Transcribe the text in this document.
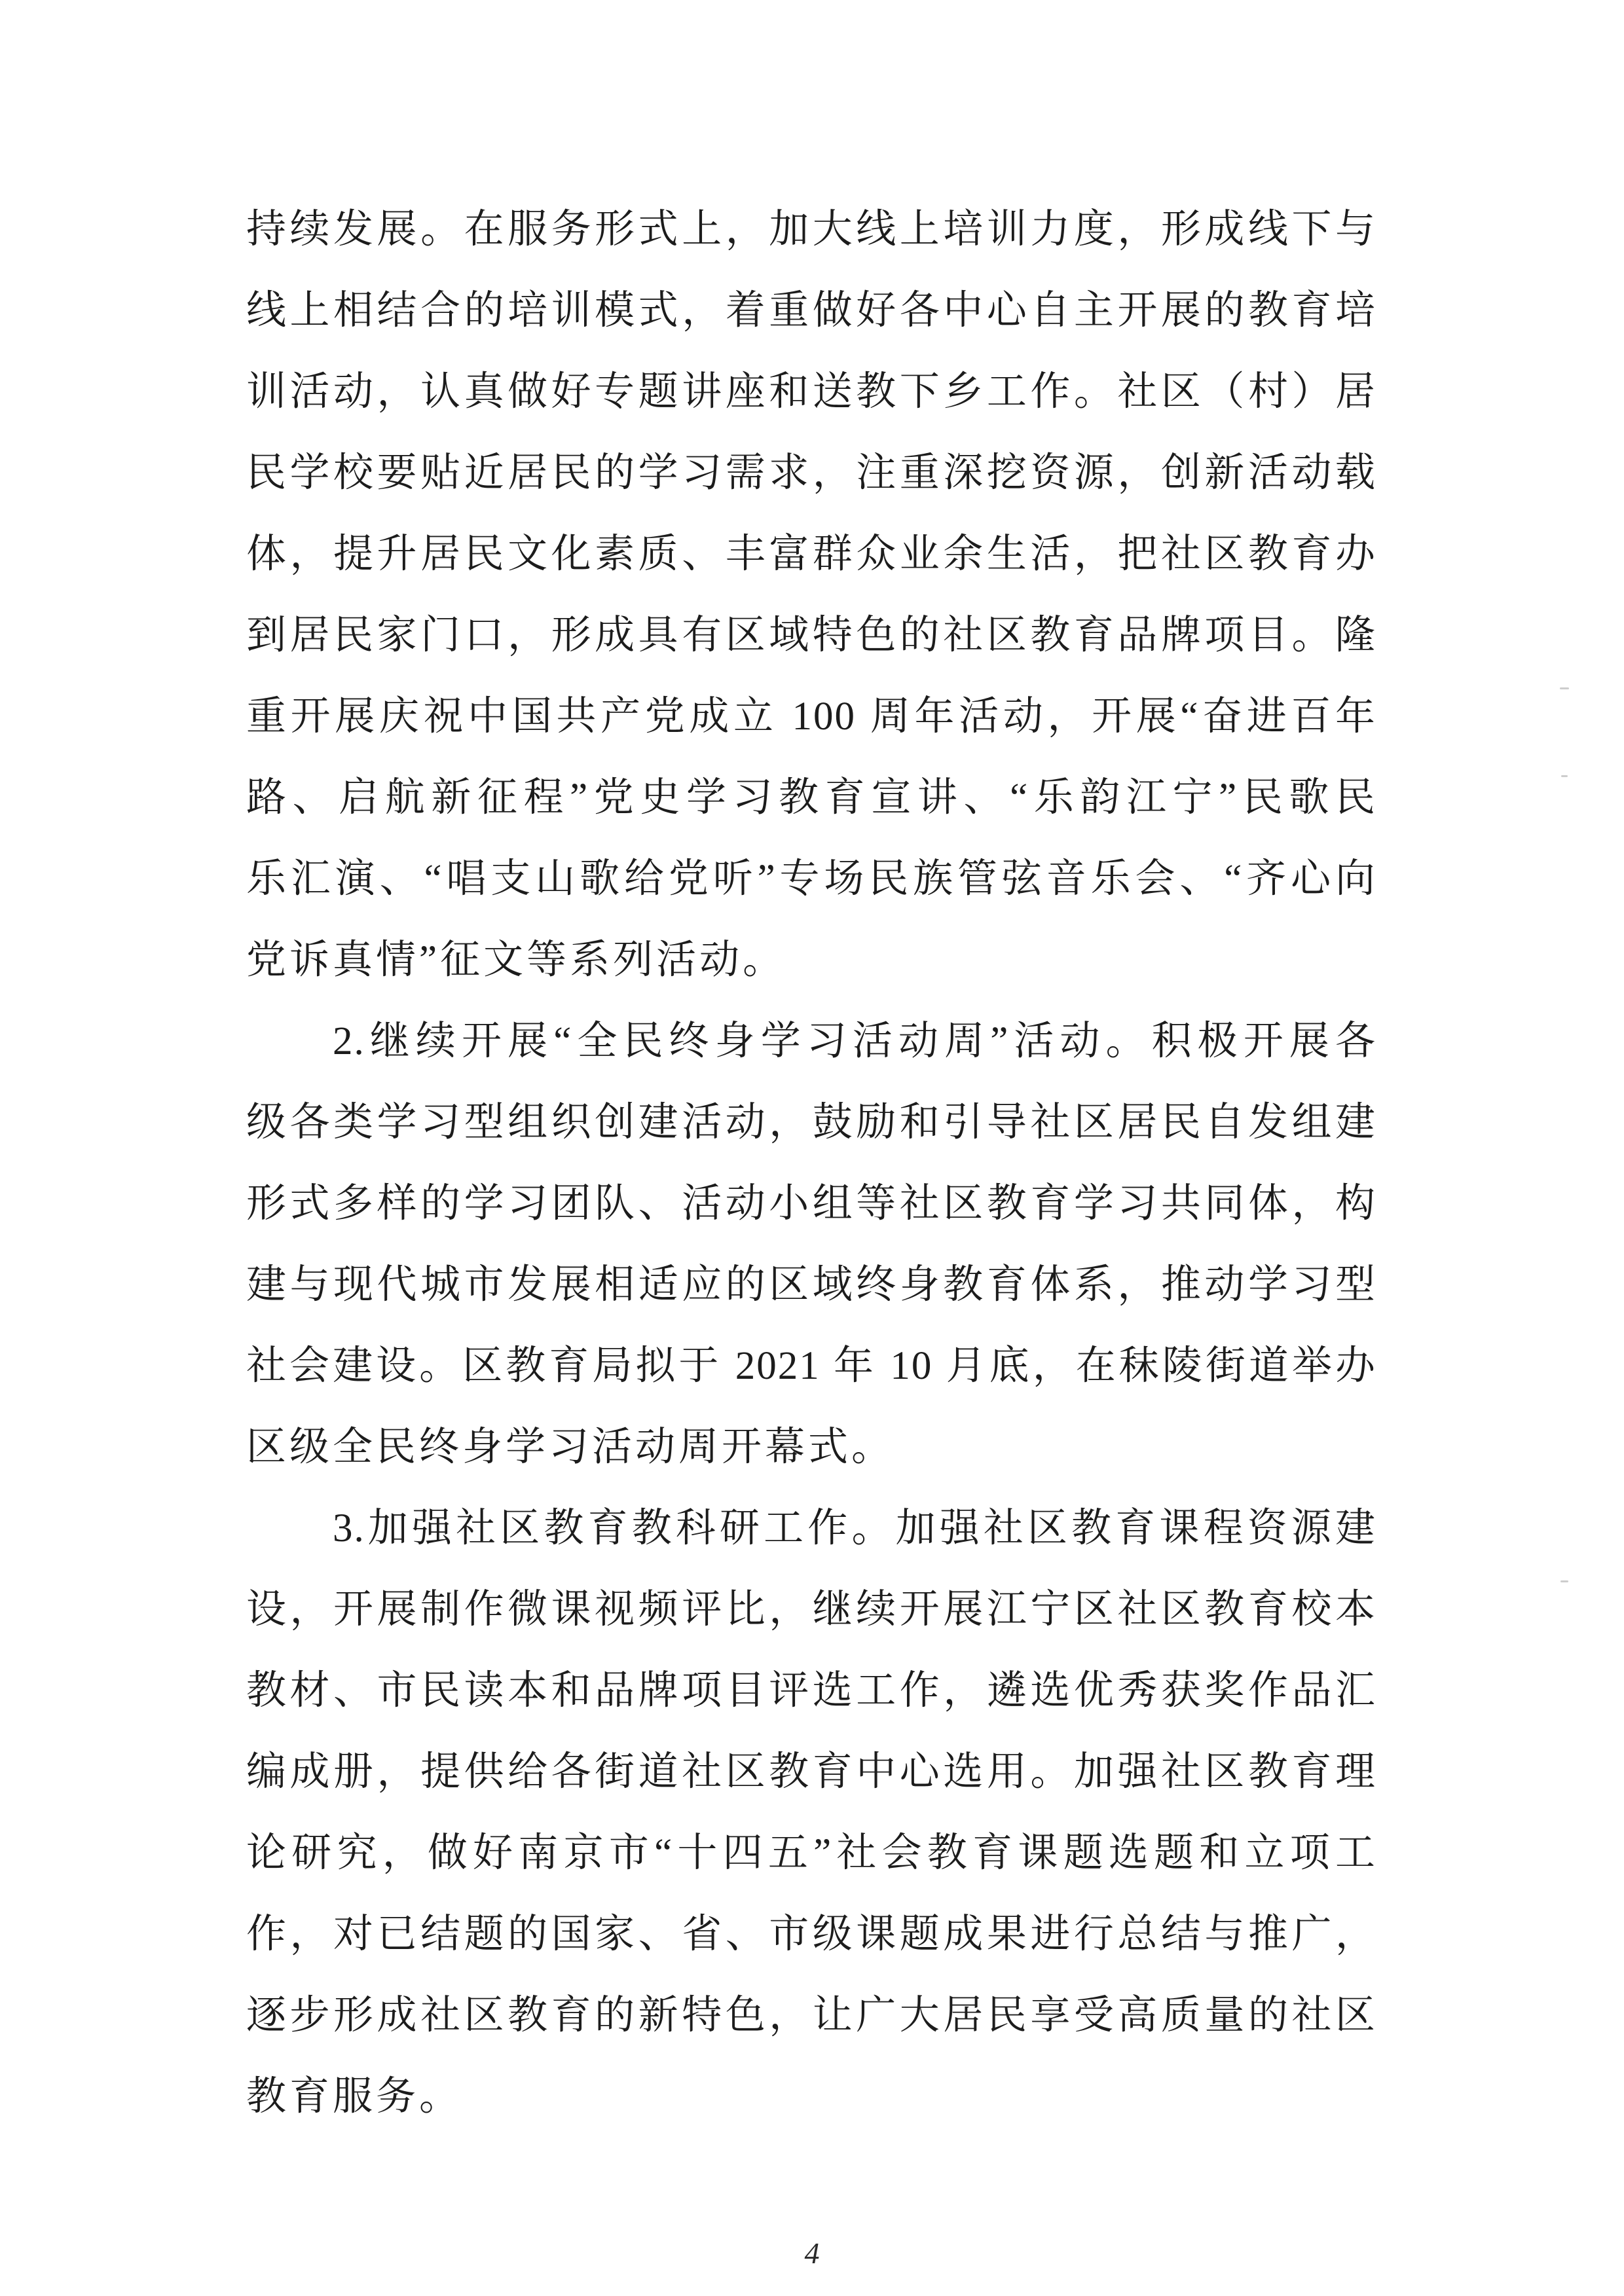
持续发展。在服务形式上，加大线上培训力度，形成线下与
线上相结合的培训模式，着重做好各中心自主开展的教育培
训活动，认真做好专题讲座和送教下乡工作。社区（村）居
民学校要贴近居民的学习需求，注重深挖资源，创新活动载
体，提升居民文化素质、丰富群众业余生活，把社区教育办
到居民家门口，形成具有区域特色的社区教育品牌项目。隆
重开展庆祝中国共产党成立 100 周年活动，开展“奋进百年
路、启航新征程”党史学习教育宣讲、“乐韵江宁”民歌民
乐汇演、“唱支山歌给党听”专场民族管弦音乐会、“齐心向
党诉真情”征文等系列活动。
2.继续开展“全民终身学习活动周”活动。积极开展各
级各类学习型组织创建活动，鼓励和引导社区居民自发组建
形式多样的学习团队、活动小组等社区教育学习共同体，构
建与现代城市发展相适应的区域终身教育体系，推动学习型
社会建设。区教育局拟于 2021 年 10 月底，在秣陵街道举办
区级全民终身学习活动周开幕式。
3.加强社区教育教科研工作。加强社区教育课程资源建
设，开展制作微课视频评比，继续开展江宁区社区教育校本
教材、市民读本和品牌项目评选工作，遴选优秀获奖作品汇
编成册，提供给各街道社区教育中心选用。加强社区教育理
论研究，做好南京市“十四五”社会教育课题选题和立项工
作，对已结题的国家、省、市级课题成果进行总结与推广，
逐步形成社区教育的新特色，让广大居民享受高质量的社区
教育服务。
4
